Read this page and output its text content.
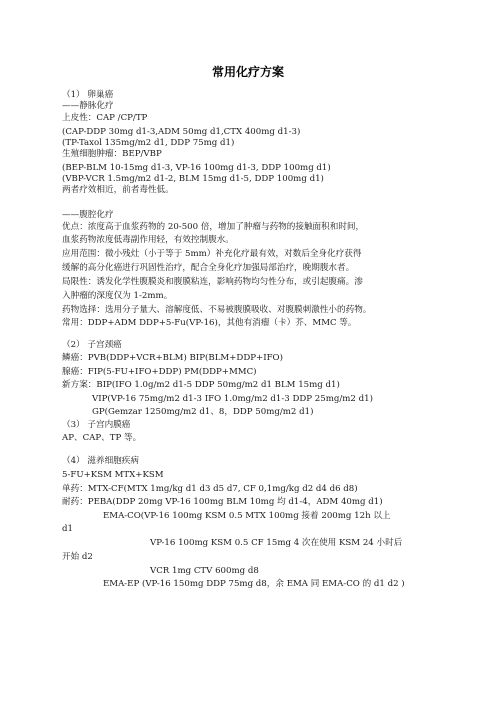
常用化疗方案
（1） 卵巢癌
——静脉化疗
上皮性：CAP /CP/TP
(CAP-DDP 30mg d1-3,ADM 50mg d1,CTX 400mg d1-3)
(TP-Taxol 135mg/m2 d1, DDP 75mg d1)
生殖细胞肿瘤：BEP/VBP
(BEP-BLM 10-15mg d1-3, VP-16 100mg d1-3, DDP 100mg d1)
(VBP-VCR 1.5mg/m2 d1-2, BLM 15mg d1-5, DDP 100mg d1)
两者疗效相近，前者毒性低。
——腹腔化疗
优点：浓度高于血浆药物的 20-500 倍，增加了肿瘤与药物的接触面积和时间，
血浆药物浓度低毒副作用轻，有效控制腹水。
应用范围：微小残灶（小于等于 5mm）补充化疗最有效，对数后全身化疗获得
缓解的高分化癌进行巩固性治疗，配合全身化疗加强局部治疗，晚期腹水者。
局限性：诱发化学性腹膜炎和腹膜粘连，影响药物均匀性分布，或引起腹痛。渗
入肿瘤的深度仅为 1-2mm。
药物选择：选用分子量大、溶解度低、不易被腹膜吸收、对腹膜刺激性小的药物。
常用：DDP+ADM DDP+5-Fu(VP-16)，其他有消瘤（卡）芥、MMC 等。
（2） 子宫颈癌
鳞癌：PVB(DDP+VCR+BLM) BIP(BLM+DDP+IFO)
腺癌：FIP(5-FU+IFO+DDP) PM(DDP+MMC)
新方案：BIP(IFO 1.0g/m2 d1-5 DDP 50mg/m2 d1 BLM 15mg d1)
VIP(VP-16 75mg/m2 d1-3 IFO 1.0mg/m2 d1-3 DDP 25mg/m2 d1)
GP(Gemzar 1250mg/m2 d1、8，DDP 50mg/m2 d1)
（3） 子宫内膜癌
AP、CAP、TP 等。
（4） 滋养细胞疾病
5-FU+KSM MTX+KSM
单药：MTX-CF(MTX 1mg/kg d1 d3 d5 d7, CF 0,1mg/kg d2 d4 d6 d8)
耐药：PEBA(DDP 20mg VP-16 100mg BLM 10mg 均 d1-4，ADM 40mg d1)
EMA-CO(VP-16 100mg KSM 0.5 MTX 100mg 接着 200mg 12h 以上
d1
VP-16 100mg KSM 0.5 CF 15mg 4 次在使用 KSM 24 小时后
开始 d2
VCR 1mg CTV 600mg d8
EMA-EP (VP-16 150mg DDP 75mg d8，余 EMA 同 EMA-CO 的 d1 d2 )
